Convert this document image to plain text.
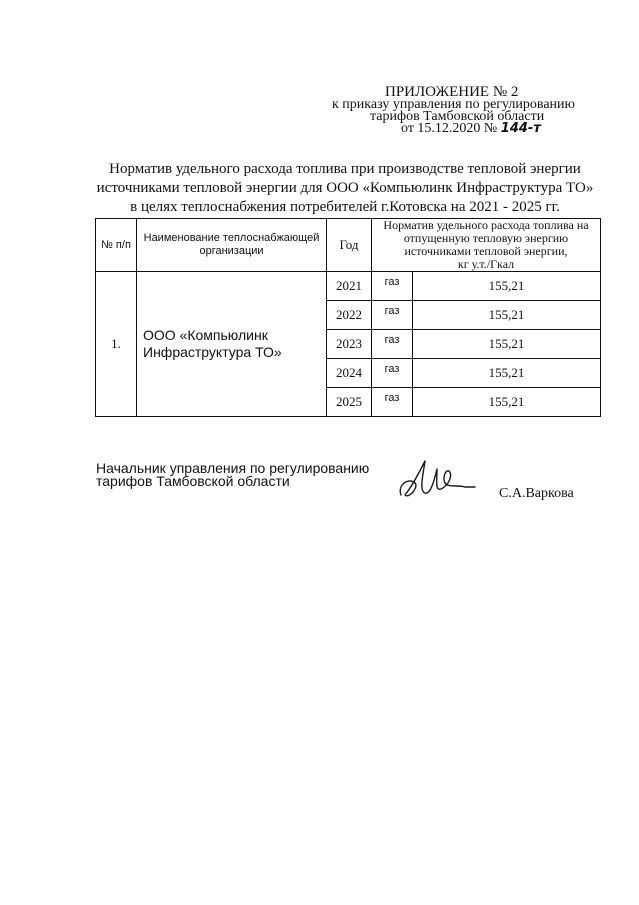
ПРИЛОЖЕНИЕ № 2
к приказу управления по регулированию
тарифов Тамбовской области
от 15.12.2020 № 144-т
Норматив удельного расхода топлива при производстве тепловой энергии
источниками тепловой энергии для ООО «Компьюлинк Инфраструктура ТО»
в целях теплоснабжения потребителей г.Котовска на 2021 - 2025 гг.
№ п/п	Наименование теплоснабжающей организации	Год	Норматив удельного расхода топлива на
отпущенную тепловую энергию
источниками тепловой энергии,
кг у.т./Гкал	

1.	ООО «Компьюлинк Инфраструктура ТО»	2021	газ	155,21
		2022	газ	155,21
		2023	газ	155,21
		2024	газ	155,21
		2025	газ	155,21
Начальник управления по регулированию
тарифов Тамбовской области
С.А.Варкова
